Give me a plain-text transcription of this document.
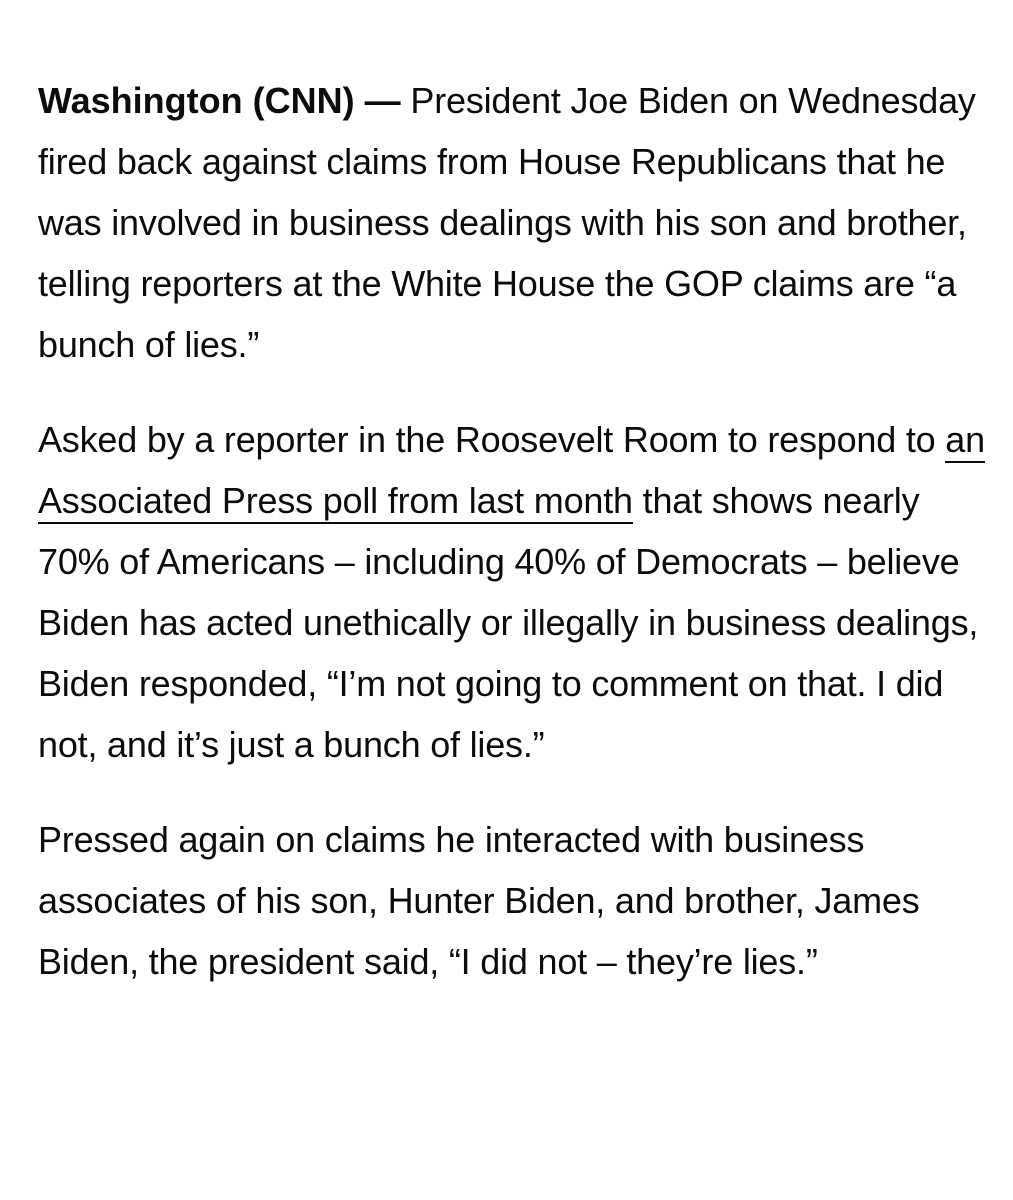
Washington (CNN) — President Joe Biden on Wednesday fired back against claims from House Republicans that he was involved in business dealings with his son and brother, telling reporters at the White House the GOP claims are “a bunch of lies.”

Asked by a reporter in the Roosevelt Room to respond to an Associated Press poll from last month that shows nearly 70% of Americans – including 40% of Democrats – believe Biden has acted unethically or illegally in business dealings, Biden responded, “I’m not going to comment on that. I did not, and it’s just a bunch of lies.”

Pressed again on claims he interacted with business associates of his son, Hunter Biden, and brother, James Biden, the president said, “I did not – they’re lies.”
